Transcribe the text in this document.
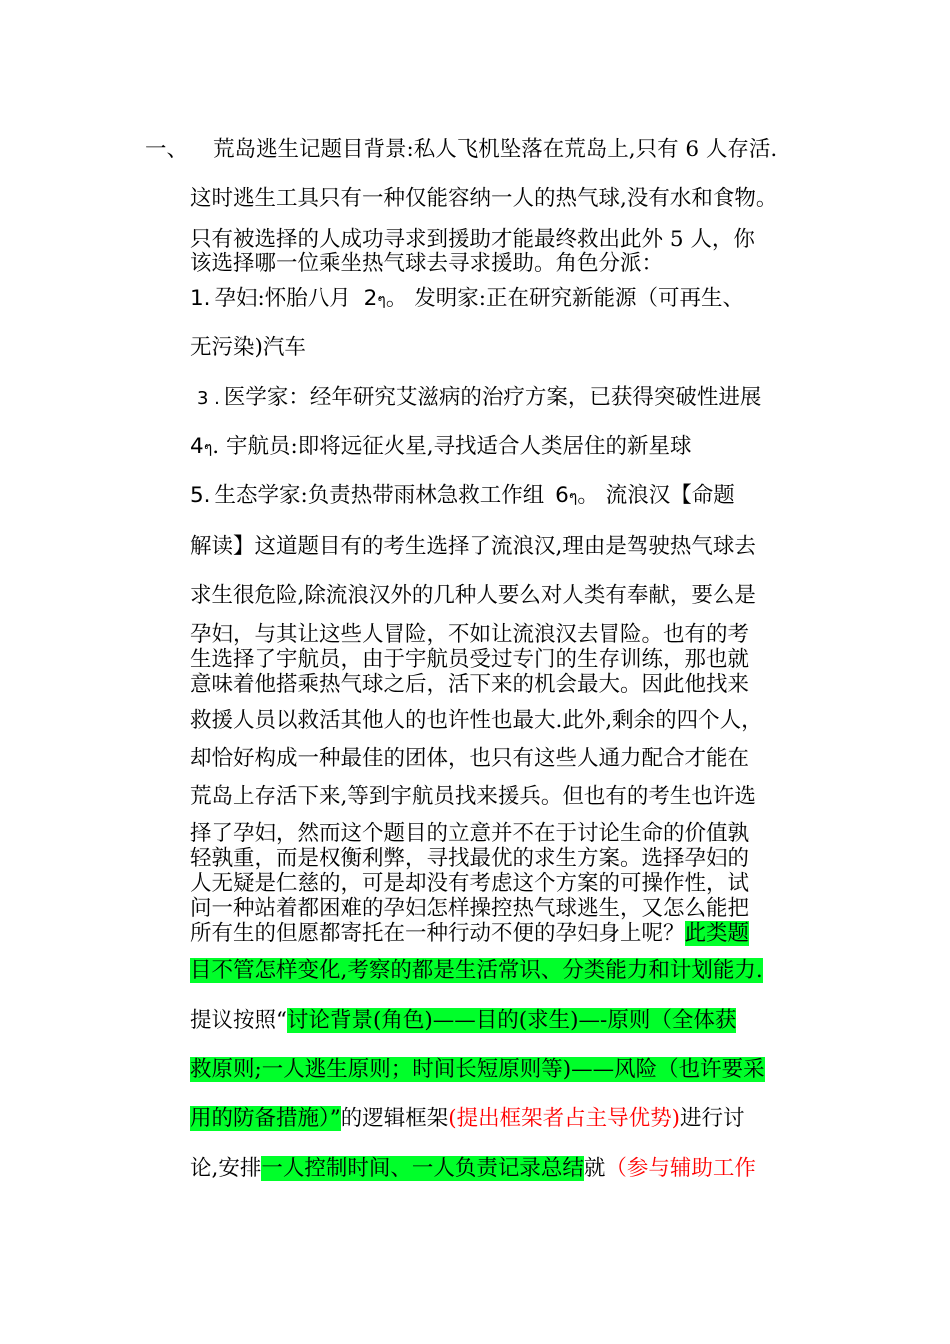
一、 荒岛逃生记题目背景:私人飞机坠落在荒岛上,只有 6 人存活.
这时逃生工具只有一种仅能容纳一人的热气球,没有水和食物。
只有被选择的人成功寻求到援助才能最终救出此外 5 人，你
该选择哪一位乘坐热气球去寻求援助。角色分派：
1. 孕妇:怀胎八月 2ๆ。 发明家:正在研究新能源（可再生、
无污染)汽车
3 . 医学家：经年研究艾滋病的治疗方案，已获得突破性进展
4ๆ. 宇航员:即将远征火星,寻找适合人类居住的新星球
5. 生态学家:负责热带雨林急救工作组 6ๆ。 流浪汉【命题
解读】这道题目有的考生选择了流浪汉,理由是驾驶热气球去
求生很危险,除流浪汉外的几种人要么对人类有奉献，要么是
孕妇，与其让这些人冒险，不如让流浪汉去冒险。也有的考
生选择了宇航员，由于宇航员受过专门的生存训练，那也就
意味着他搭乘热气球之后，活下来的机会最大。因此他找来
救援人员以救活其他人的也许性也最大.此外,剩余的四个人，
却恰好构成一种最佳的团体，也只有这些人通力配合才能在
荒岛上存活下来,等到宇航员找来援兵。但也有的考生也许选
择了孕妇，然而这个题目的立意并不在于讨论生命的价值孰
轻孰重，而是权衡利弊，寻找最优的求生方案。选择孕妇的
人无疑是仁慈的，可是却没有考虑这个方案的可操作性，试
问一种站着都困难的孕妇怎样操控热气球逃生，又怎么能把
所有生的但愿都寄托在一种行动不便的孕妇身上呢？此类题
目不管怎样变化,考察的都是生活常识、分类能力和计划能力.
提议按照“讨论背景(角色)——目的(求生)—-原则（全体获
救原则;一人逃生原则；时间长短原则等)——风险（也许要采
用的防备措施）”的逻辑框架(提出框架者占主导优势)进行讨
论,安排一人控制时间、一人负责记录总结就（参与辅助工作
